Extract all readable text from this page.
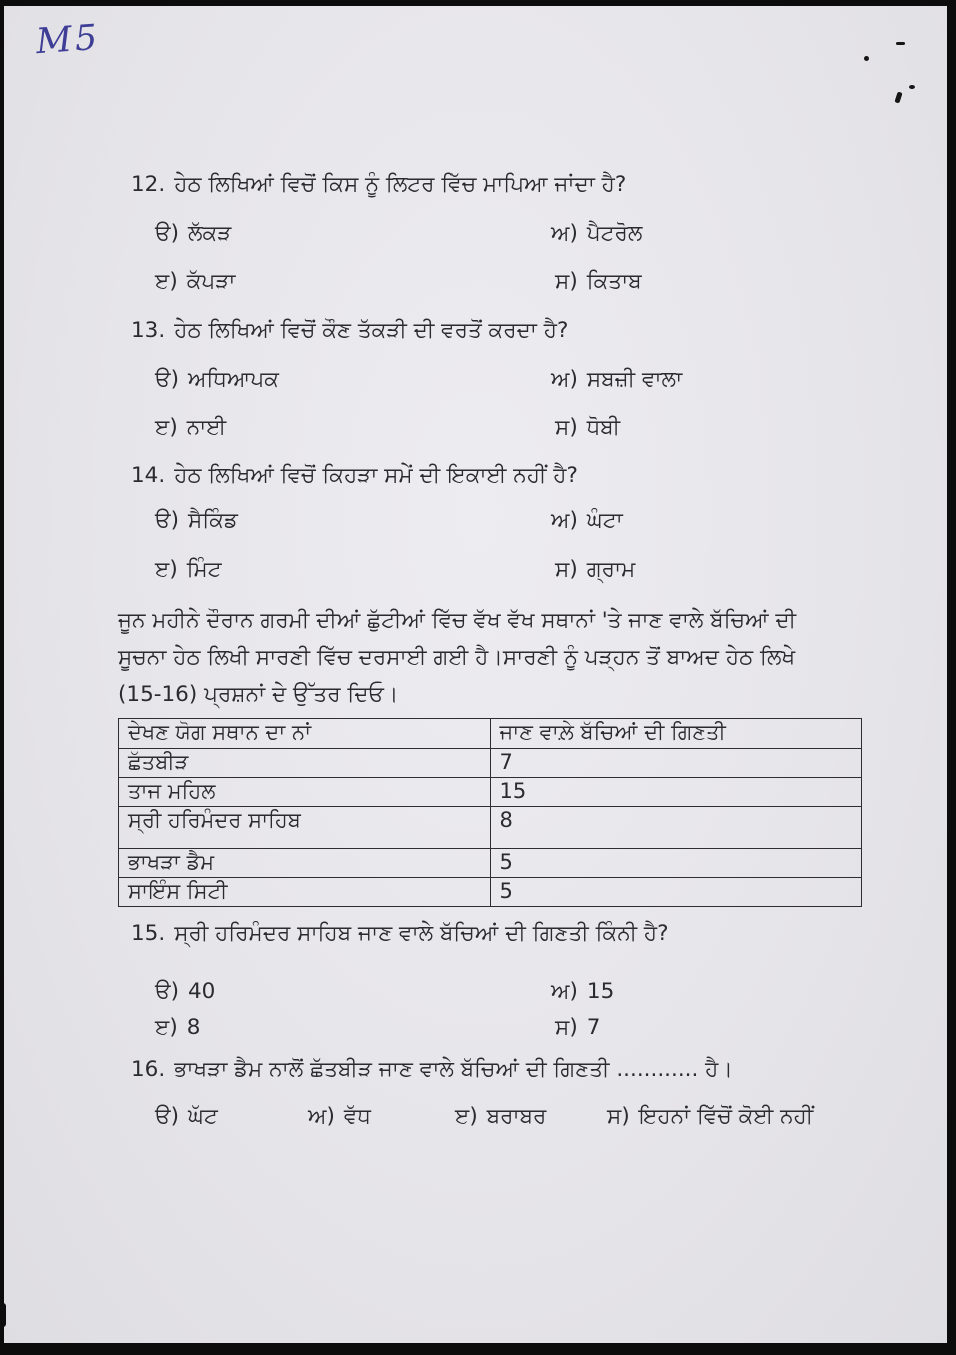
M5
12. ਹੇਠ ਲਿਖਿਆਂ ਵਿਚੋਂ ਕਿਸ ਨੂੰ ਲਿਟਰ ਵਿੱਚ ਮਾਪਿਆ ਜਾਂਦਾ ਹੈ?
ੳ) ਲੱਕੜ	ਅ) ਪੈਟਰੋਲ
ੲ) ਕੱਪੜਾ	ਸ) ਕਿਤਾਬ
13. ਹੇਠ ਲਿਖਿਆਂ ਵਿਚੋਂ ਕੌਣ ਤੱਕੜੀ ਦੀ ਵਰਤੋਂ ਕਰਦਾ ਹੈ?
ੳ) ਅਧਿਆਪਕ	ਅ) ਸਬਜ਼ੀ ਵਾਲਾ
ੲ) ਨਾਈ	ਸ) ਧੋਬੀ
14. ਹੇਠ ਲਿਖਿਆਂ ਵਿਚੋਂ ਕਿਹੜਾ ਸਮੇਂ ਦੀ ਇਕਾਈ ਨਹੀਂ ਹੈ?
ੳ) ਸੈਕਿੰਡ	ਅ) ਘੰਟਾ
ੲ) ਮਿੰਟ	ਸ) ਗ੍ਰਾਮ
ਜੂਨ ਮਹੀਨੇ ਦੌਰਾਨ ਗਰਮੀ ਦੀਆਂ ਛੁੱਟੀਆਂ ਵਿੱਚ ਵੱਖ ਵੱਖ ਸਥਾਨਾਂ 'ਤੇ ਜਾਣ ਵਾਲੇ ਬੱਚਿਆਂ ਦੀ
ਸੂਚਨਾ ਹੇਠ ਲਿਖੀ ਸਾਰਣੀ ਵਿੱਚ ਦਰਸਾਈ ਗਈ ਹੈ।ਸਾਰਣੀ ਨੂੰ ਪੜ੍ਹਨ ਤੋਂ ਬਾਅਦ ਹੇਠ ਲਿਖੇ
(15-16) ਪ੍ਰਸ਼ਨਾਂ ਦੇ ਉੱਤਰ ਦਿਓ।
ਦੇਖਣ ਯੋਗ ਸਥਾਨ ਦਾ ਨਾਂ	ਜਾਣ ਵਾਲ਼ੇ ਬੱਚਿਆਂ ਦੀ ਗਿਣਤੀ
ਛੱਤਬੀੜ	7
ਤਾਜ ਮਹਿਲ	15
ਸ੍ਰੀ ਹਰਿਮੰਦਰ ਸਾਹਿਬ	8
ਭਾਖੜਾ ਡੈਮ	5
ਸਾਇੰਸ ਸਿਟੀ	5
15. ਸ੍ਰੀ ਹਰਿਮੰਦਰ ਸਾਹਿਬ ਜਾਣ ਵਾਲੇ ਬੱਚਿਆਂ ਦੀ ਗਿਣਤੀ ਕਿੰਨੀ ਹੈ?
ੳ) 40	ਅ) 15
ੲ) 8	ਸ) 7
16. ਭਾਖੜਾ ਡੈਮ ਨਾਲੋਂ ਛੱਤਬੀੜ ਜਾਣ ਵਾਲੇ ਬੱਚਿਆਂ ਦੀ ਗਿਣਤੀ ............ ਹੈ।
ੳ) ਘੱਟ	ਅ) ਵੱਧ	ੲ) ਬਰਾਬਰ	ਸ) ਇਹਨਾਂ ਵਿੱਚੋਂ ਕੋਈ ਨਹੀਂ
